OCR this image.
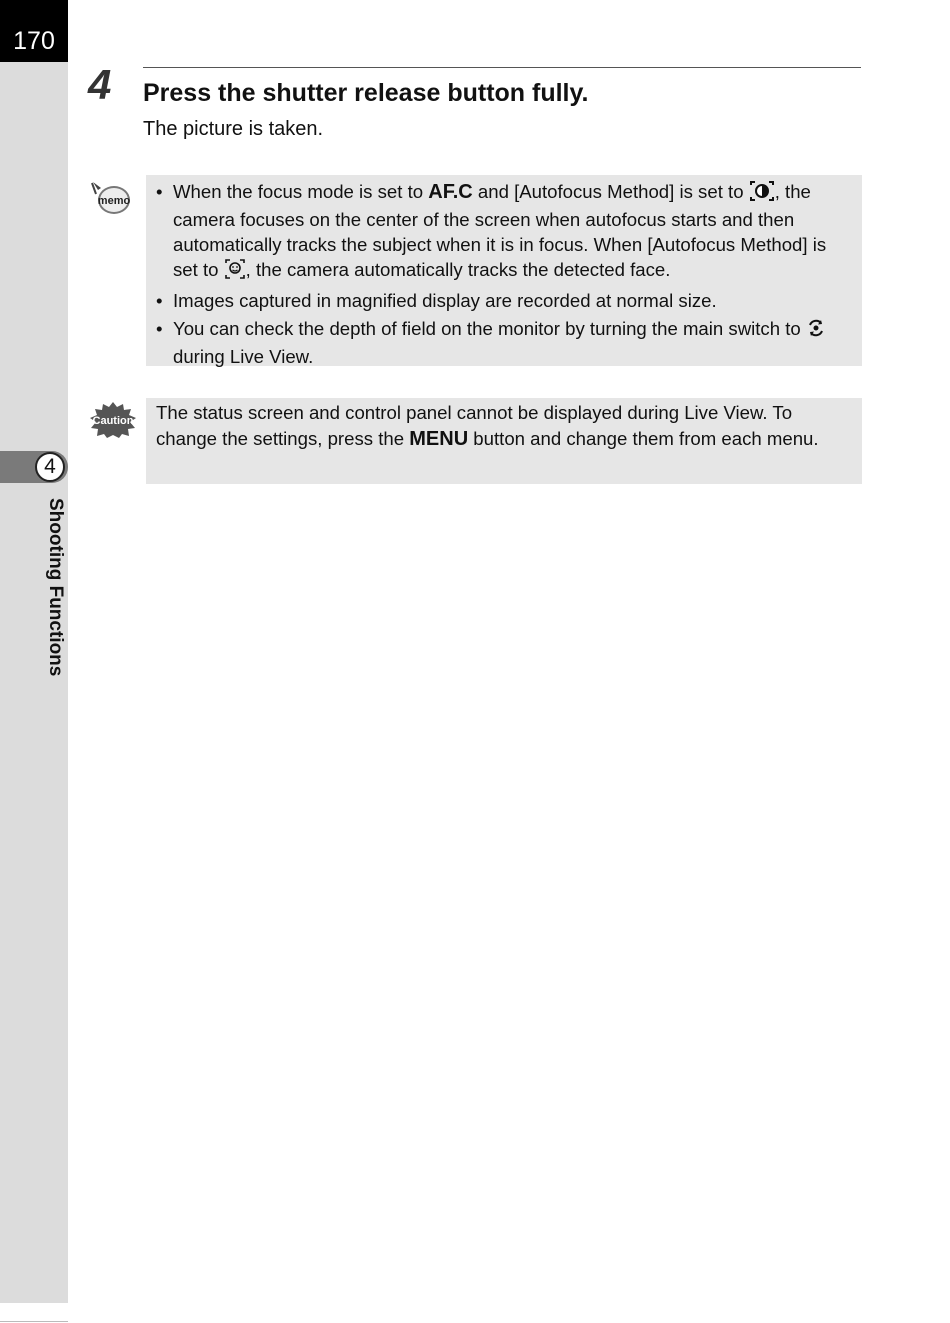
170
4
Shooting Functions
4 Press the shutter release button fully.
The picture is taken.
memo • When the focus mode is set to AF.C and [Autofocus Method] is set to , the camera focuses on the center of the screen when autofocus starts and then automatically tracks the subject when it is in focus. When [Autofocus Method] is set to , the camera automatically tracks the detected face.
• Images captured in magnified display are recorded at normal size.
• You can check the depth of field on the monitor by turning the main switch to  during Live View.
Caution	The status screen and control panel cannot be displayed during Live View. To change the settings, press the MENU button and change them from each menu.
